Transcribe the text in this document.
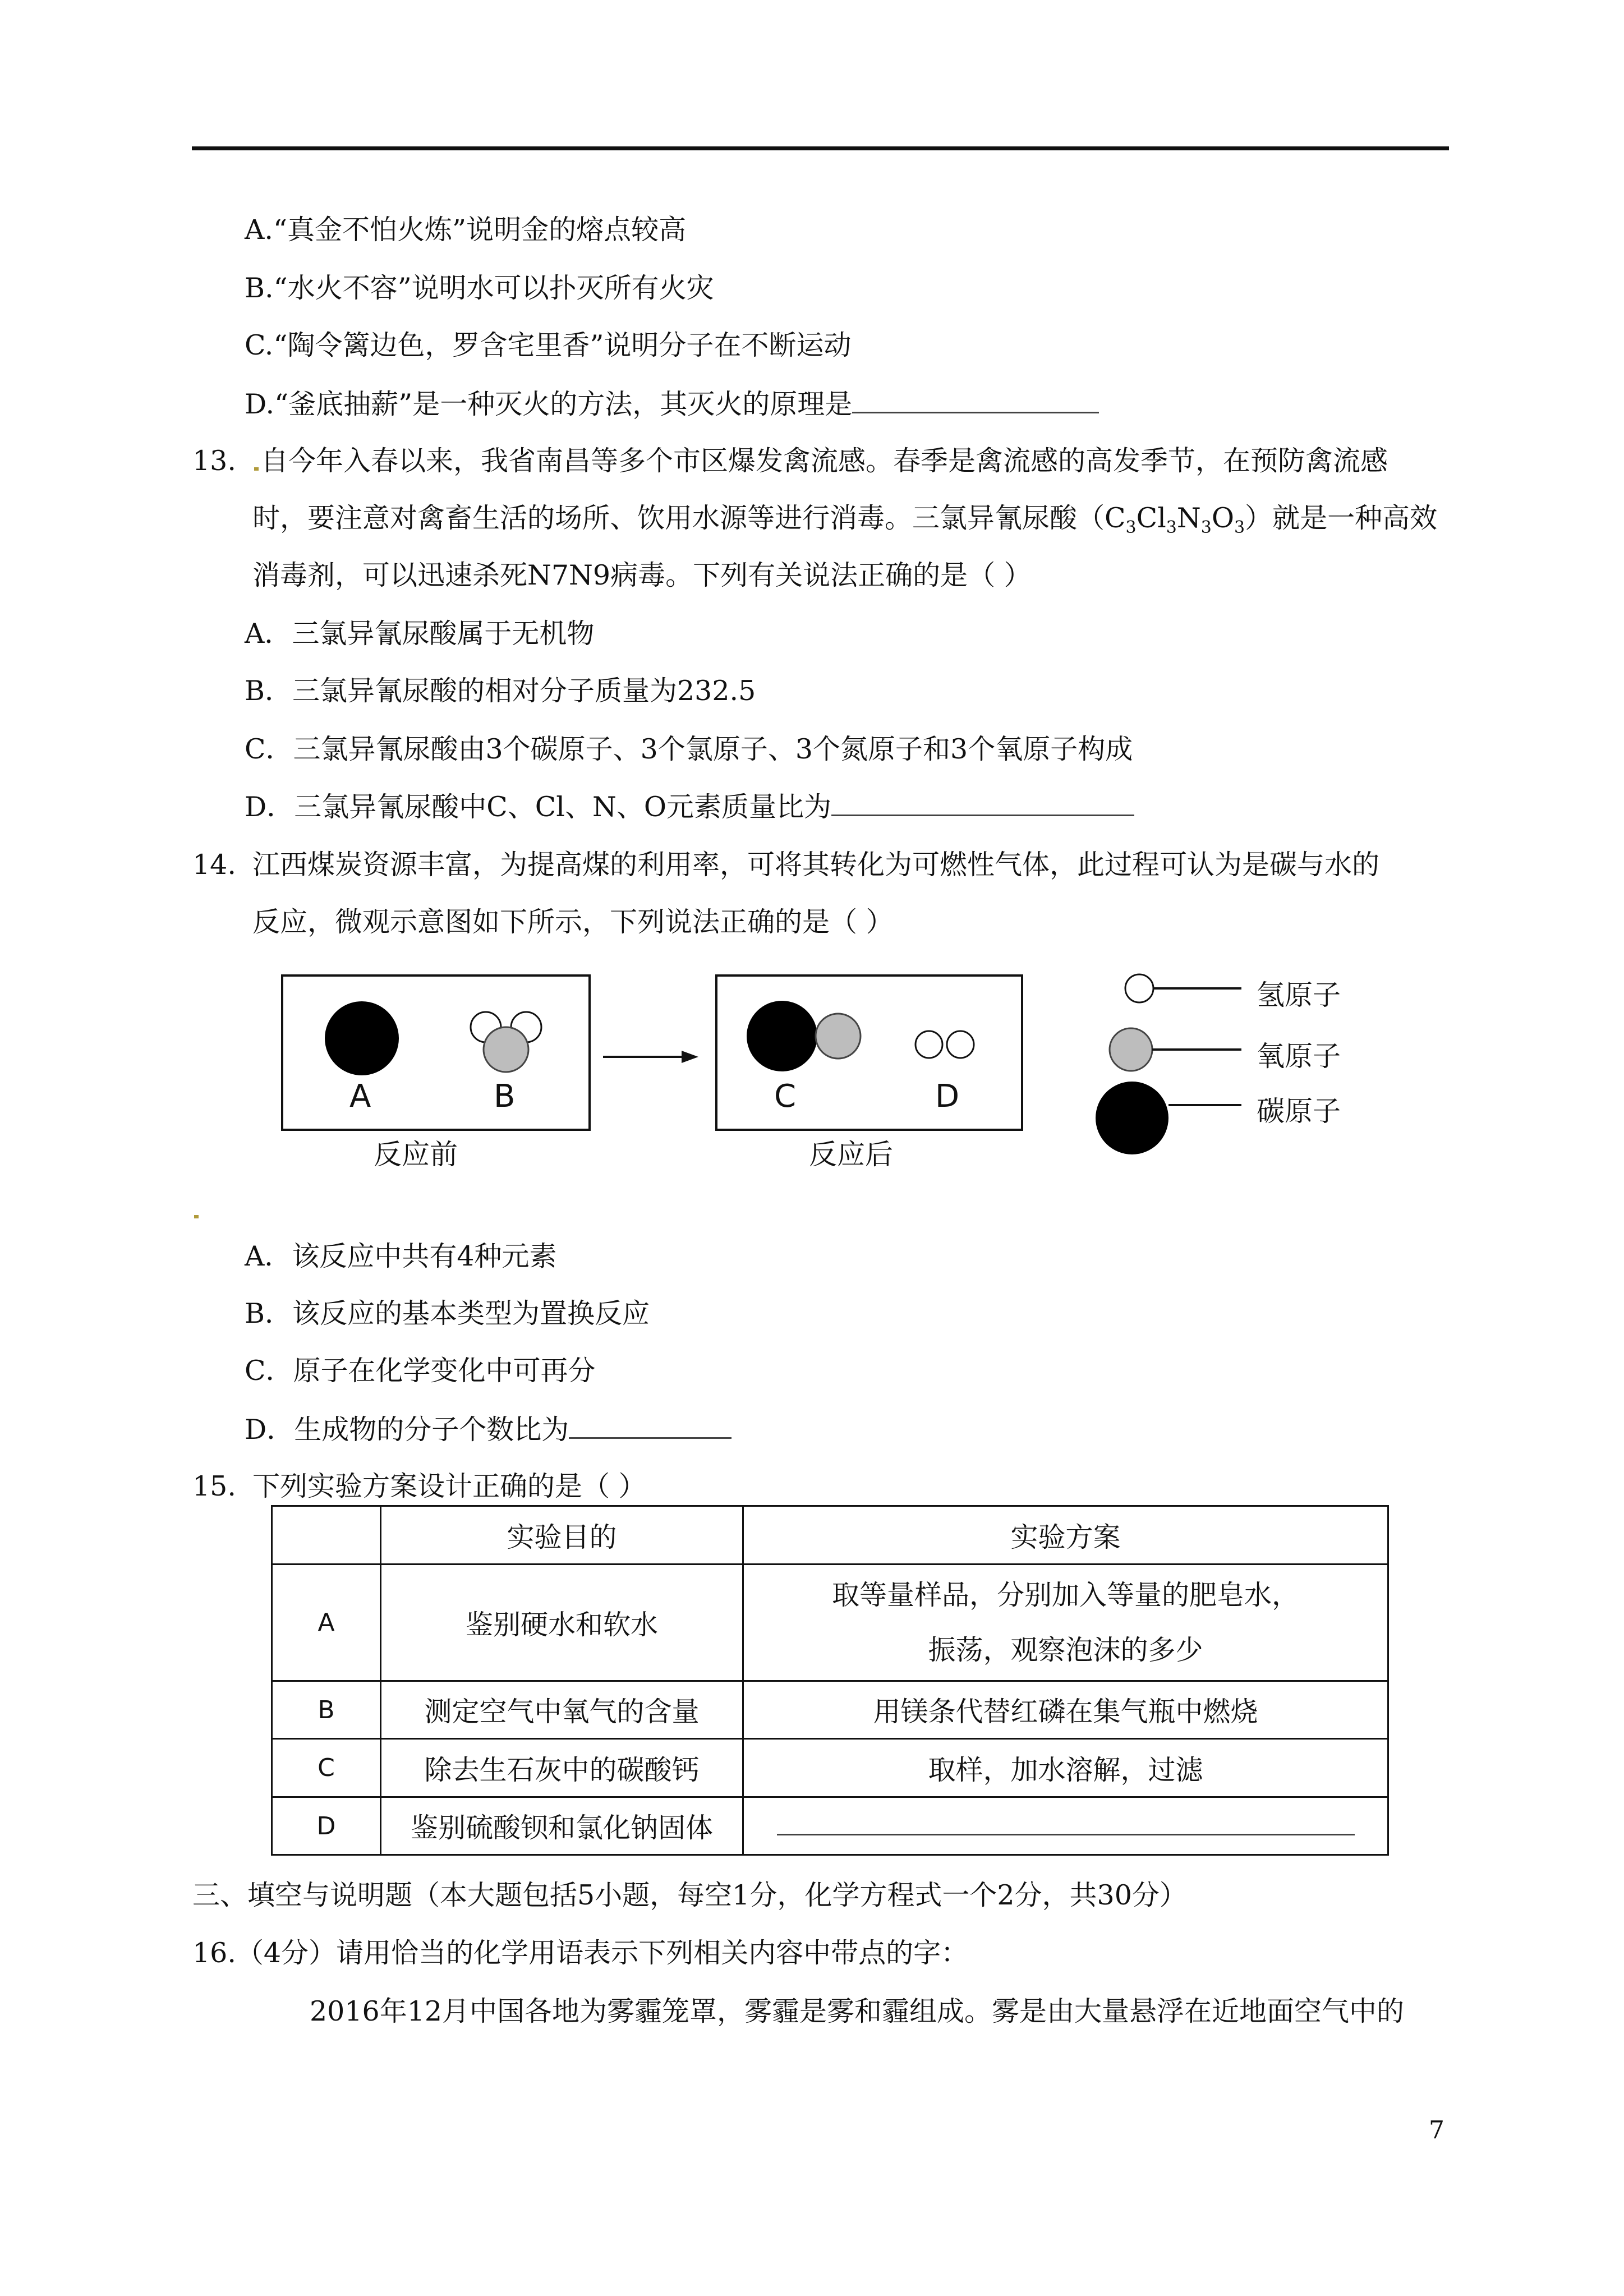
A.“真金不怕火炼”说明金的熔点较高
B.“水火不容”说明水可以扑灭所有火灾
C.“陶令篱边色，罗含宅里香”说明分子在不断运动
D.“釜底抽薪”是一种灭火的方法，其灭火的原理是
13. 自今年入春以来，我省南昌等多个市区爆发禽流感。春季是禽流感的高发季节，在预防禽流感
时，要注意对禽畜生活的场所、饮用水源等进行消毒。三氯异氰尿酸$(C_3Cl_3N_3O_3)$就是一种高效
消毒剂，可以迅速杀死N7N9病毒。下列有关说法正确的是（ ）
A．三氯异氰尿酸属于无机物
B．三氯异氰尿酸的相对分子质量为232.5
C．三氯异氰尿酸由3个碳原子、3个氯原子、3个氮原子和3个氧原子构成
D．三氯异氰尿酸中C、Cl、N、O元素质量比为
14. 江西煤炭资源丰富，为提高煤的利用率，可将其转化为可燃性气体，此过程可认为是碳与水的
反应，微观示意图如下所示，下列说法正确的是（ ）
A	B	C	D
反应前	反应后
氢原子
氧原子
碳原子
A．该反应中共有4种元素
B．该反应的基本类型为置换反应
C．原子在化学变化中可再分
D．生成物的分子个数比为
15. 下列实验方案设计正确的是（ ）
	实验目的	实验方案
A	鉴别硬水和软水	取等量样品，分别加入等量的肥皂水，
振荡，观察泡沫的多少

B	测定空气中氧气的含量	用镁条代替红磷在集气瓶中燃烧
C	除去生石灰中的碳酸钙	取样，加水溶解，过滤
D	鉴别硫酸钡和氯化钠固体	
三、填空与说明题（本大题包括5小题，每空1分，化学方程式一个2分，共30分）
16.（4分）请用恰当的化学用语表示下列相关内容中带点的字：
2016年12月中国各地为雾霾笼罩，雾霾是雾和霾组成。雾是由大量悬浮在近地面空气中的
7
